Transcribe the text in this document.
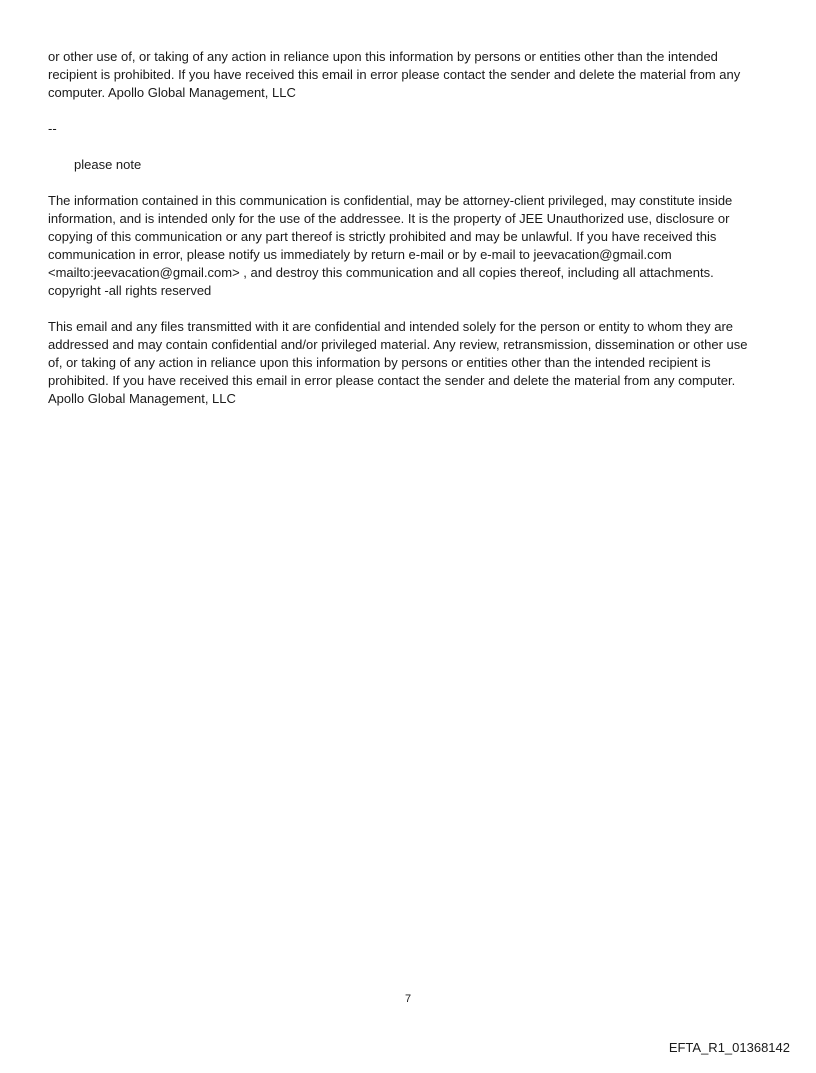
or other use of, or taking of any action in reliance upon this information by persons or entities other than the intended recipient is prohibited. If you have received this email in error please contact the sender and delete the material from any computer. Apollo Global Management, LLC

--
please note

The information contained in this communication is confidential, may be attorney-client privileged, may constitute inside information, and is intended only for the use of the addressee. It is the property of JEE Unauthorized use, disclosure or copying of this communication or any part thereof is strictly prohibited and may be unlawful. If you have received this communication in error, please notify us immediately by return e-mail or by e-mail to jeevacation@gmail.com <mailto:jeevacation@gmail.com> , and destroy this communication and all copies thereof, including all attachments. copyright -all rights reserved

This email and any files transmitted with it are confidential and intended solely for the person or entity to whom they are addressed and may contain confidential and/or privileged material. Any review, retransmission, dissemination or other use of, or taking of any action in reliance upon this information by persons or entities other than the intended recipient is prohibited. If you have received this email in error please contact the sender and delete the material from any computer. Apollo Global Management, LLC

7
EFTA_R1_01368142
